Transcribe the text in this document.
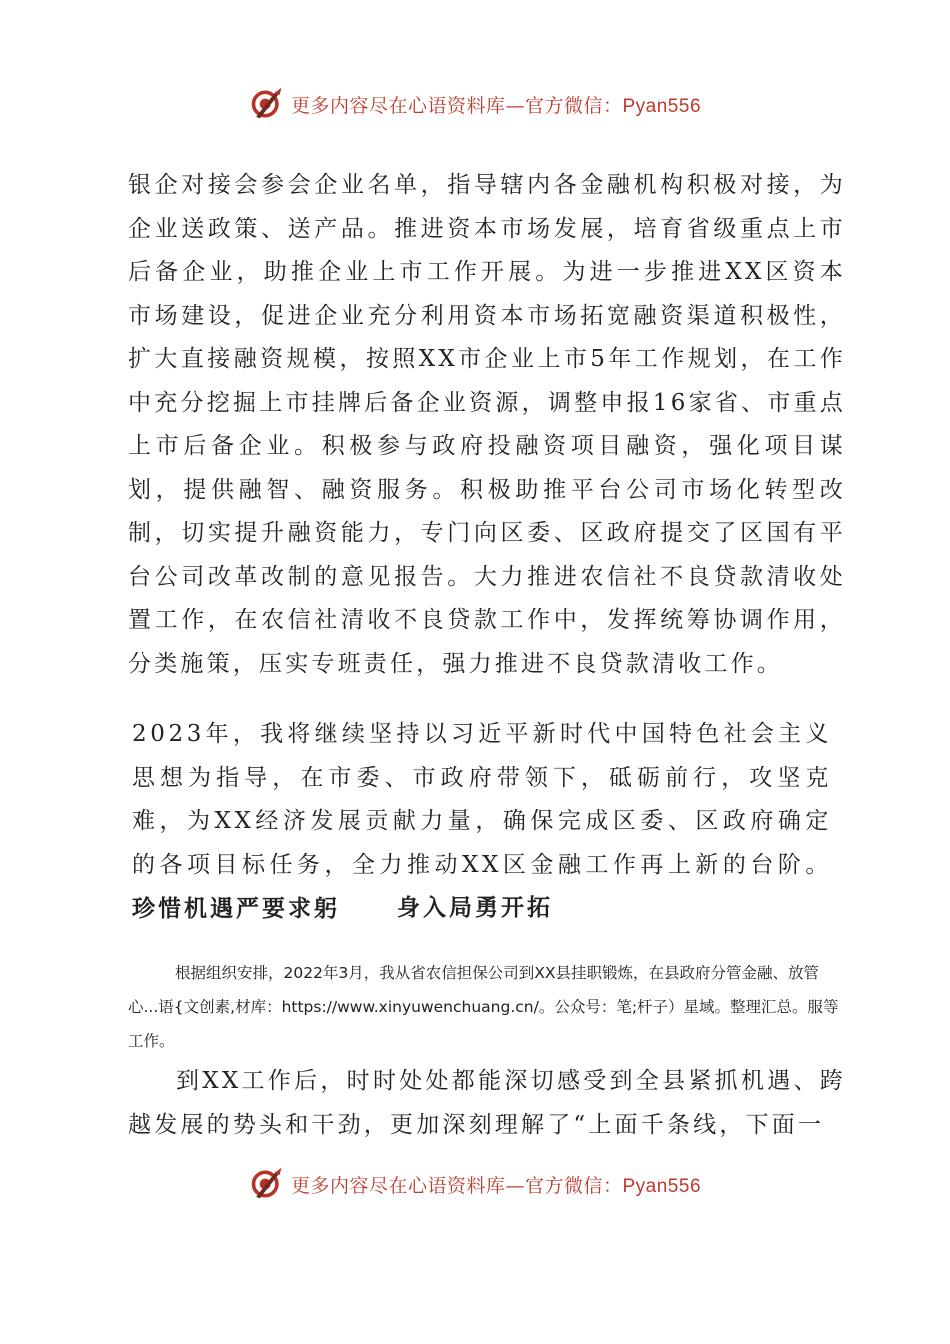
更多内容尽在心语资料库—官方微信：Pyan556

银企对接会参会企业名单，指导辖内各金融机构积极对接，为企业送政策、送产品。推进资本市场发展，培育省级重点上市后备企业，助推企业上市工作开展。为进一步推进XX区资本市场建设，促进企业充分利用资本市场拓宽融资渠道积极性，扩大直接融资规模，按照XX市企业上市5年工作规划，在工作中充分挖掘上市挂牌后备企业资源，调整申报16家省、市重点上市后备企业。积极参与政府投融资项目融资，强化项目谋划，提供融智、融资服务。积极助推平台公司市场化转型改制，切实提升融资能力，专门向区委、区政府提交了区国有平台公司改革改制的意见报告。大力推进农信社不良贷款清收处置工作，在农信社清收不良贷款工作中，发挥统筹协调作用，分类施策，压实专班责任，强力推进不良贷款清收工作。

2023年，我将继续坚持以习近平新时代中国特色社会主义思想为指导，在市委、市政府带领下，砥砺前行，攻坚克难，为XX经济发展贡献力量，确保完成区委、区政府确定的各项目标任务，全力推动XX区金融工作再上新的台阶。珍惜机遇严要求躬	身入局勇开拓

根据组织安排，2022年3月，我从省农信担保公司到XX县挂职锻炼，在县政府分管金融、放管心...语{文创素,材库：https://www.xinyuwenchuang.cn/。公众号：笔;杆子）星域。整理汇总。服等工作。

到XX工作后，时时处处都能深切感受到全县紧抓机遇、跨越发展的势头和干劲，更加深刻理解了“上面千条线，下面一

更多内容尽在心语资料库—官方微信：Pyan556
